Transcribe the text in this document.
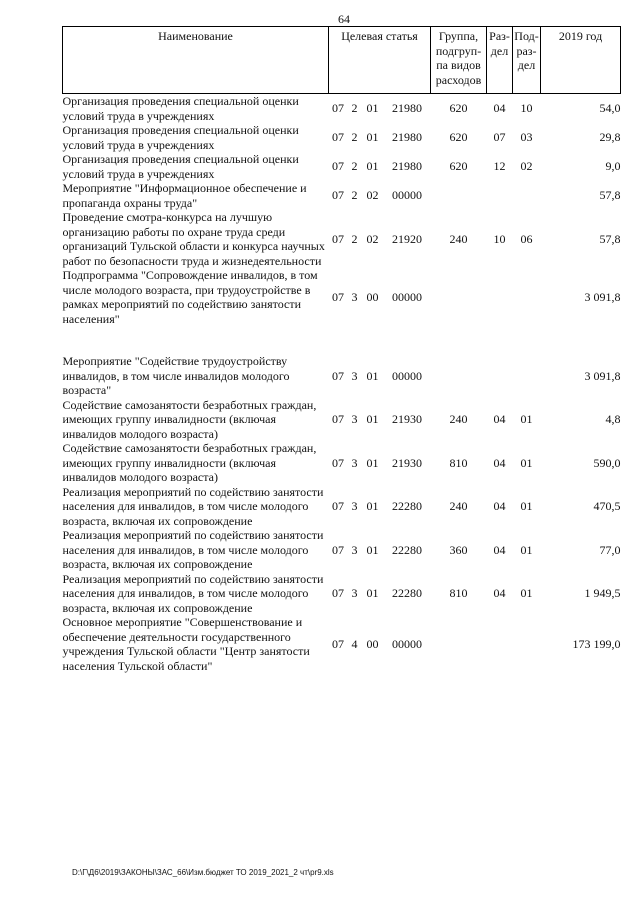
64
Наименование	Целевая статья				Группа,
подгруп-
па видов
расходов	Раз-
дел	Под-
раз-
дел	2019 год
Организация проведения специальной оценки условий труда в учреждениях	07	2	01	21980	620	04	10	54,0
Организация проведения специальной оценки условий труда в учреждениях	07	2	01	21980	620	07	03	29,8
Организация проведения специальной оценки условий труда в учреждениях	07	2	01	21980	620	12	02	9,0
Мероприятие "Информационное обеспечение и пропаганда охраны труда"	07	2	02	00000				57,8
Проведение смотра-конкурса на лучшую организацию работы по охране труда среди организаций Тульской области и конкурса научных работ по безопасности труда и жизнедеятельности	07	2	02	21920	240	10	06	57,8
Подпрограмма "Сопровождение инвалидов, в том числе молодого возраста, при трудоустройстве в рамках мероприятий по содействию занятости населения"	07	3	00	00000				3 091,8

Мероприятие "Содействие трудоустройству инвалидов, в том числе инвалидов молодого возраста"	07	3	01	00000				3 091,8
Содействие самозанятости безработных граждан, имеющих группу инвалидности (включая инвалидов молодого возраста)	07	3	01	21930	240	04	01	4,8
Содействие самозанятости безработных граждан, имеющих группу инвалидности (включая инвалидов молодого возраста)	07	3	01	21930	810	04	01	590,0
Реализация мероприятий по содействию занятости населения для инвалидов, в том числе молодого возраста, включая их сопровождение	07	3	01	22280	240	04	01	470,5
Реализация мероприятий по содействию занятости населения для инвалидов, в том числе молодого возраста, включая их сопровождение	07	3	01	22280	360	04	01	77,0
Реализация мероприятий по содействию занятости населения для инвалидов, в том числе молодого возраста, включая их сопровождение	07	3	01	22280	810	04	01	1 949,5
Основное мероприятие "Совершенствование и обеспечение деятельности государственного учреждения Тульской области "Центр занятости населения Тульской области"	07	4	00	00000				173 199,0
D:\Г\Д6\2019\ЗАКОНЫ\ЗАС_66\Изм.бюджет ТО 2019_2021_2 чт\pr9.xls
